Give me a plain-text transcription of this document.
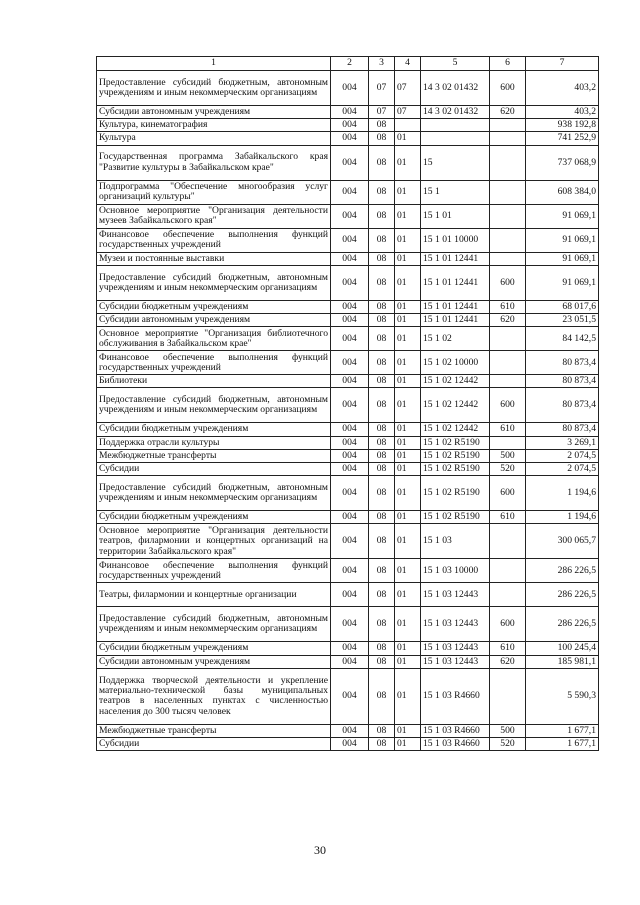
1	2	3	4	5	6	7
Предоставление субсидий бюджетным, автономным учреждениям и иным некоммерческим организациям	004	07	07	14 3 02 01432	600	403,2
Субсидии автономным учреждениям	004	07	07	14 3 02 01432	620	403,2
Культура, кинематография	004	08				938 192,8
Культура	004	08	01			741 252,9
Государственная программа Забайкальского края "Развитие культуры в Забайкальском крае"	004	08	01	15		737 068,9
Подпрограмма "Обеспечение многообразия услуг организаций культуры"	004	08	01	15 1		608 384,0
Основное мероприятие "Организация деятельности музеев Забайкальского края"	004	08	01	15 1 01		91 069,1
Финансовое обеспечение выполнения функций государственных учреждений	004	08	01	15 1 01 10000		91 069,1
Музеи и постоянные выставки	004	08	01	15 1 01 12441		91 069,1
Предоставление субсидий бюджетным, автономным учреждениям и иным некоммерческим организациям	004	08	01	15 1 01 12441	600	91 069,1
Субсидии бюджетным учреждениям	004	08	01	15 1 01 12441	610	68 017,6
Субсидии автономным учреждениям	004	08	01	15 1 01 12441	620	23 051,5
Основное мероприятие "Организация библиотечного обслуживания в Забайкальском крае"	004	08	01	15 1 02		84 142,5
Финансовое обеспечение выполнения функций государственных учреждений	004	08	01	15 1 02 10000		80 873,4
Библиотеки	004	08	01	15 1 02 12442		80 873,4
Предоставление субсидий бюджетным, автономным учреждениям и иным некоммерческим организациям	004	08	01	15 1 02 12442	600	80 873,4
Субсидии бюджетным учреждениям	004	08	01	15 1 02 12442	610	80 873,4
Поддержка отрасли культуры	004	08	01	15 1 02 R5190		3 269,1
Межбюджетные трансферты	004	08	01	15 1 02 R5190	500	2 074,5
Субсидии	004	08	01	15 1 02 R5190	520	2 074,5
Предоставление субсидий бюджетным, автономным учреждениям и иным некоммерческим организациям	004	08	01	15 1 02 R5190	600	1 194,6
Субсидии бюджетным учреждениям	004	08	01	15 1 02 R5190	610	1 194,6
Основное мероприятие "Организация деятельности театров, филармонии и концертных организаций на территории Забайкальского края"	004	08	01	15 1 03		300 065,7
Финансовое обеспечение выполнения функций государственных учреждений	004	08	01	15 1 03 10000		286 226,5
Театры, филармонии и концертные организации	004	08	01	15 1 03 12443		286 226,5
Предоставление субсидий бюджетным, автономным учреждениям и иным некоммерческим организациям	004	08	01	15 1 03 12443	600	286 226,5
Субсидии бюджетным учреждениям	004	08	01	15 1 03 12443	610	100 245,4
Субсидии автономным учреждениям	004	08	01	15 1 03 12443	620	185 981,1
Поддержка творческой деятельности и укрепление материально-технической базы муниципальных театров в населенных пунктах с численностью населения до 300 тысяч человек	004	08	01	15 1 03 R4660		5 590,3
Межбюджетные трансферты	004	08	01	15 1 03 R4660	500	1 677,1
Субсидии	004	08	01	15 1 03 R4660	520	1 677,1
30
